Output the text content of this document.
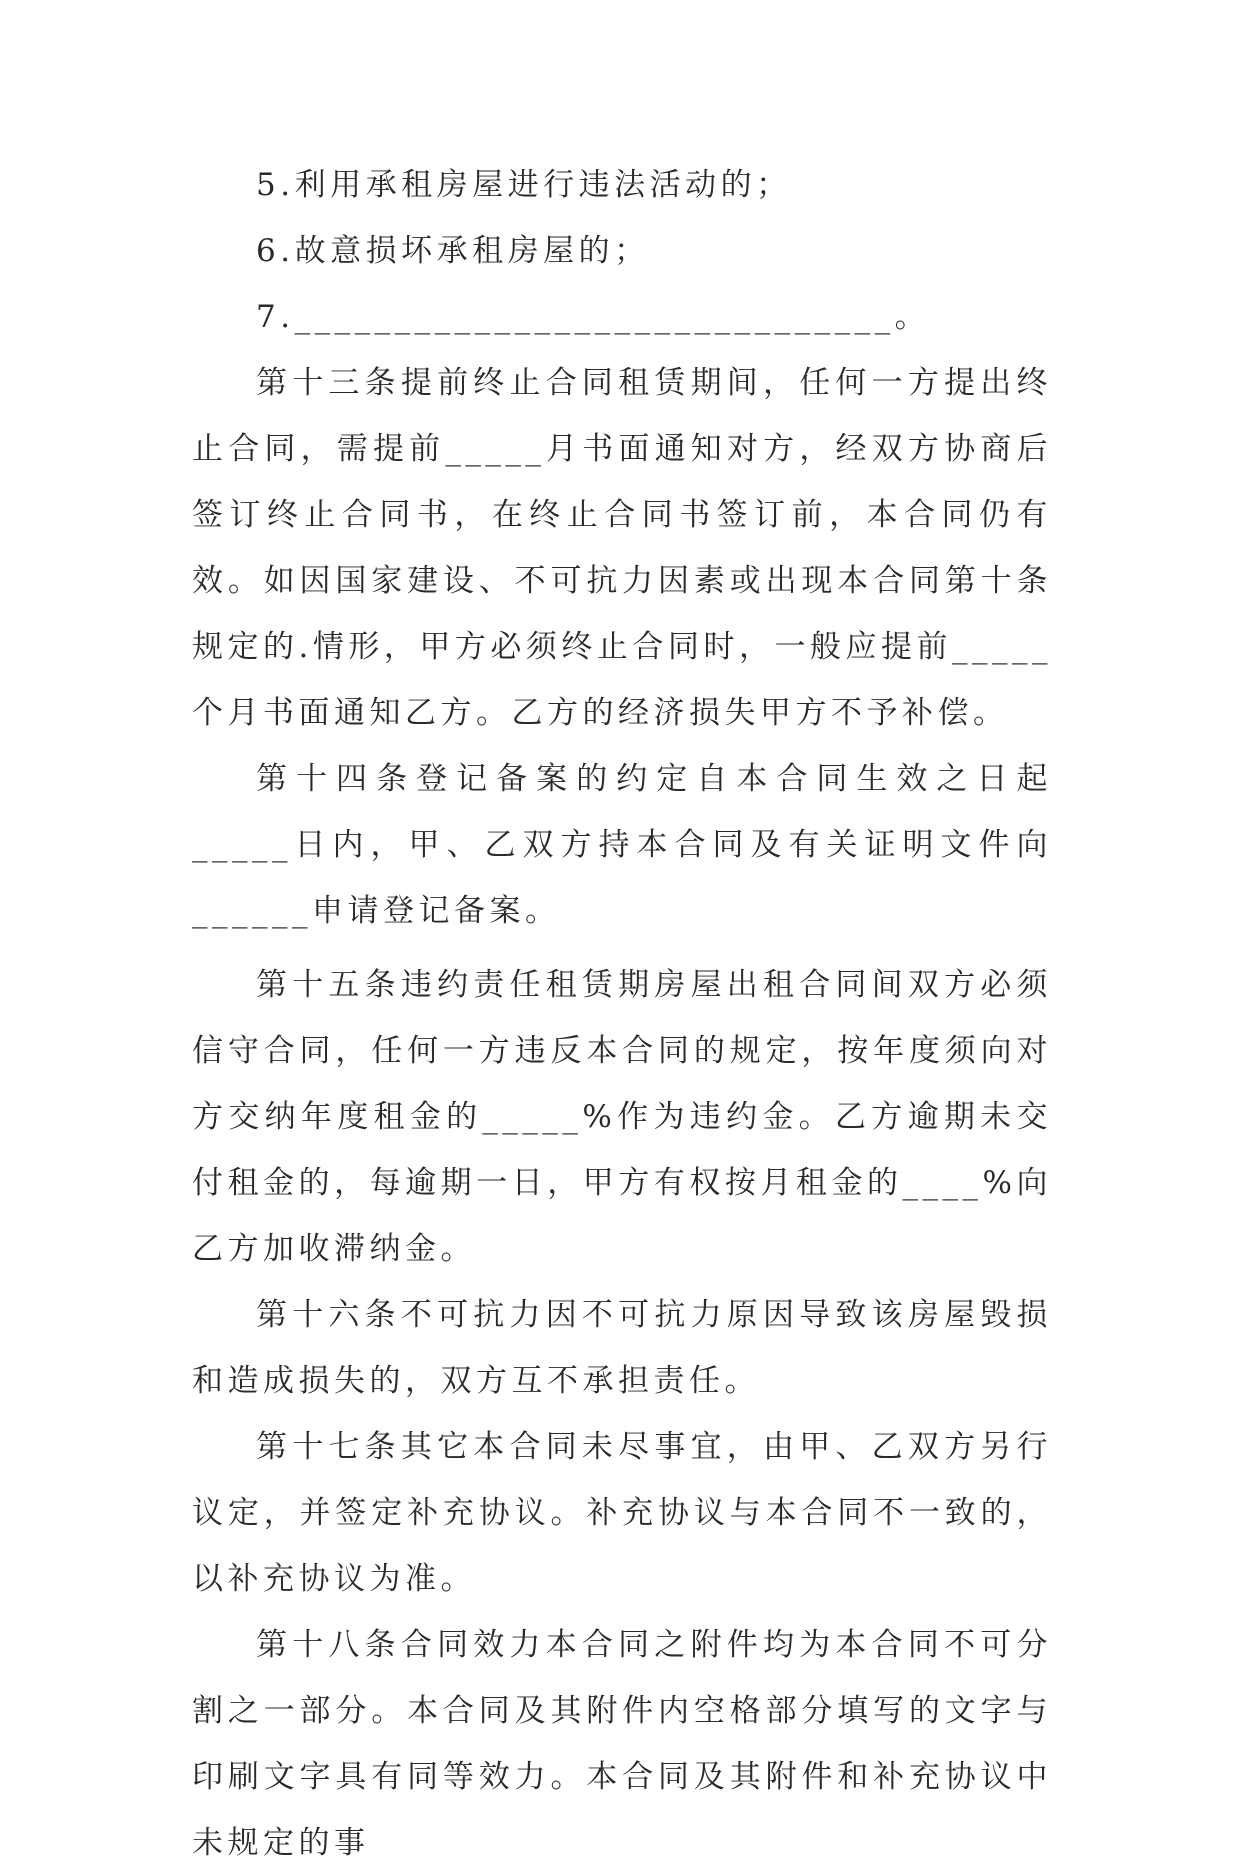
5.利用承租房屋进行违法活动的；

6.故意损坏承租房屋的；

7.______________________________。

第十三条提前终止合同租赁期间，任何一方提出终止合同，需提前_____月书面通知对方，经双方协商后签订终止合同书，在终止合同书签订前，本合同仍有效。如因国家建设、不可抗力因素或出现本合同第十条规定的.情形，甲方必须终止合同时，一般应提前_____个月书面通知乙方。乙方的经济损失甲方不予补偿。

第十四条登记备案的约定自本合同生效之日起_____日内，甲、乙双方持本合同及有关证明文件向______申请登记备案。

第十五条违约责任租赁期房屋出租合同间双方必须信守合同，任何一方违反本合同的规定，按年度须向对方交纳年度租金的_____%作为违约金。乙方逾期未交付租金的，每逾期一日，甲方有权按月租金的____%向乙方加收滞纳金。

第十六条不可抗力因不可抗力原因导致该房屋毁损和造成损失的，双方互不承担责任。

第十七条其它本合同未尽事宜，由甲、乙双方另行议定，并签定补充协议。补充协议与本合同不一致的，以补充协议为准。

第十八条合同效力本合同之附件均为本合同不可分割之一部分。本合同及其附件内空格部分填写的文字与印刷文字具有同等效力。本合同及其附件和补充协议中未规定的事
